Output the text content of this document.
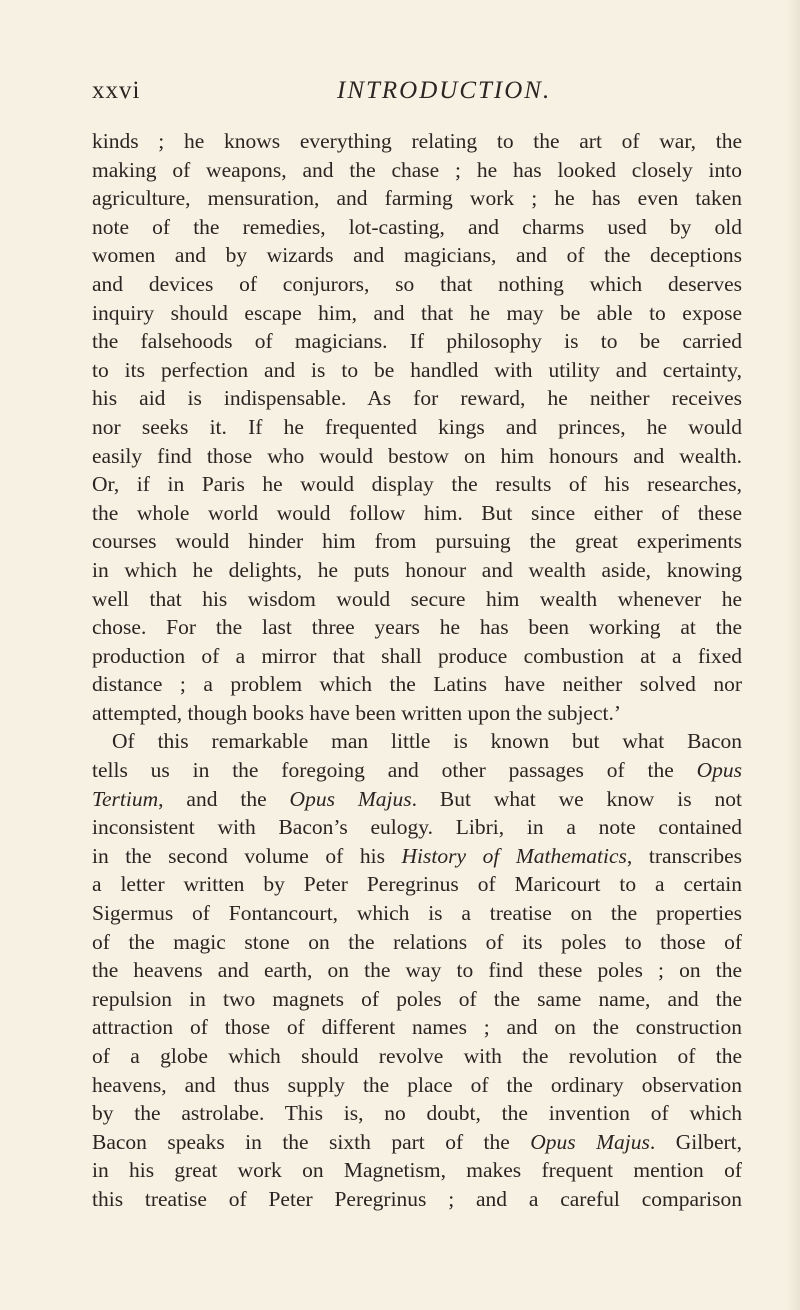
xxvi	INTRODUCTION.
kinds ; he knows everything relating to the art of war, the
making of weapons, and the chase ; he has looked closely into
agriculture, mensuration, and farming work ; he has even taken
note of the remedies, lot-casting, and charms used by old
women and by wizards and magicians, and of the deceptions
and devices of conjurors, so that nothing which deserves
inquiry should escape him, and that he may be able to expose
the falsehoods of magicians. If philosophy is to be carried
to its perfection and is to be handled with utility and certainty,
his aid is indispensable. As for reward, he neither receives
nor seeks it. If he frequented kings and princes, he would
easily find those who would bestow on him honours and wealth.
Or, if in Paris he would display the results of his researches,
the whole world would follow him. But since either of these
courses would hinder him from pursuing the great experiments
in which he delights, he puts honour and wealth aside, knowing
well that his wisdom would secure him wealth whenever he
chose. For the last three years he has been working at the
production of a mirror that shall produce combustion at a fixed
distance ; a problem which the Latins have neither solved nor
attempted, though books have been written upon the subject.’
Of this remarkable man little is known but what Bacon
tells us in the foregoing and other passages of the Opus
Tertium, and the Opus Majus. But what we know is not
inconsistent with Bacon’s eulogy. Libri, in a note contained
in the second volume of his History of Mathematics, transcribes
a letter written by Peter Peregrinus of Maricourt to a certain
Sigermus of Fontancourt, which is a treatise on the properties
of the magic stone on the relations of its poles to those of
the heavens and earth, on the way to find these poles ; on the
repulsion in two magnets of poles of the same name, and the
attraction of those of different names ; and on the construction
of a globe which should revolve with the revolution of the
heavens, and thus supply the place of the ordinary observation
by the astrolabe. This is, no doubt, the invention of which
Bacon speaks in the sixth part of the Opus Majus. Gilbert,
in his great work on Magnetism, makes frequent mention of
this treatise of Peter Peregrinus ; and a careful comparison
